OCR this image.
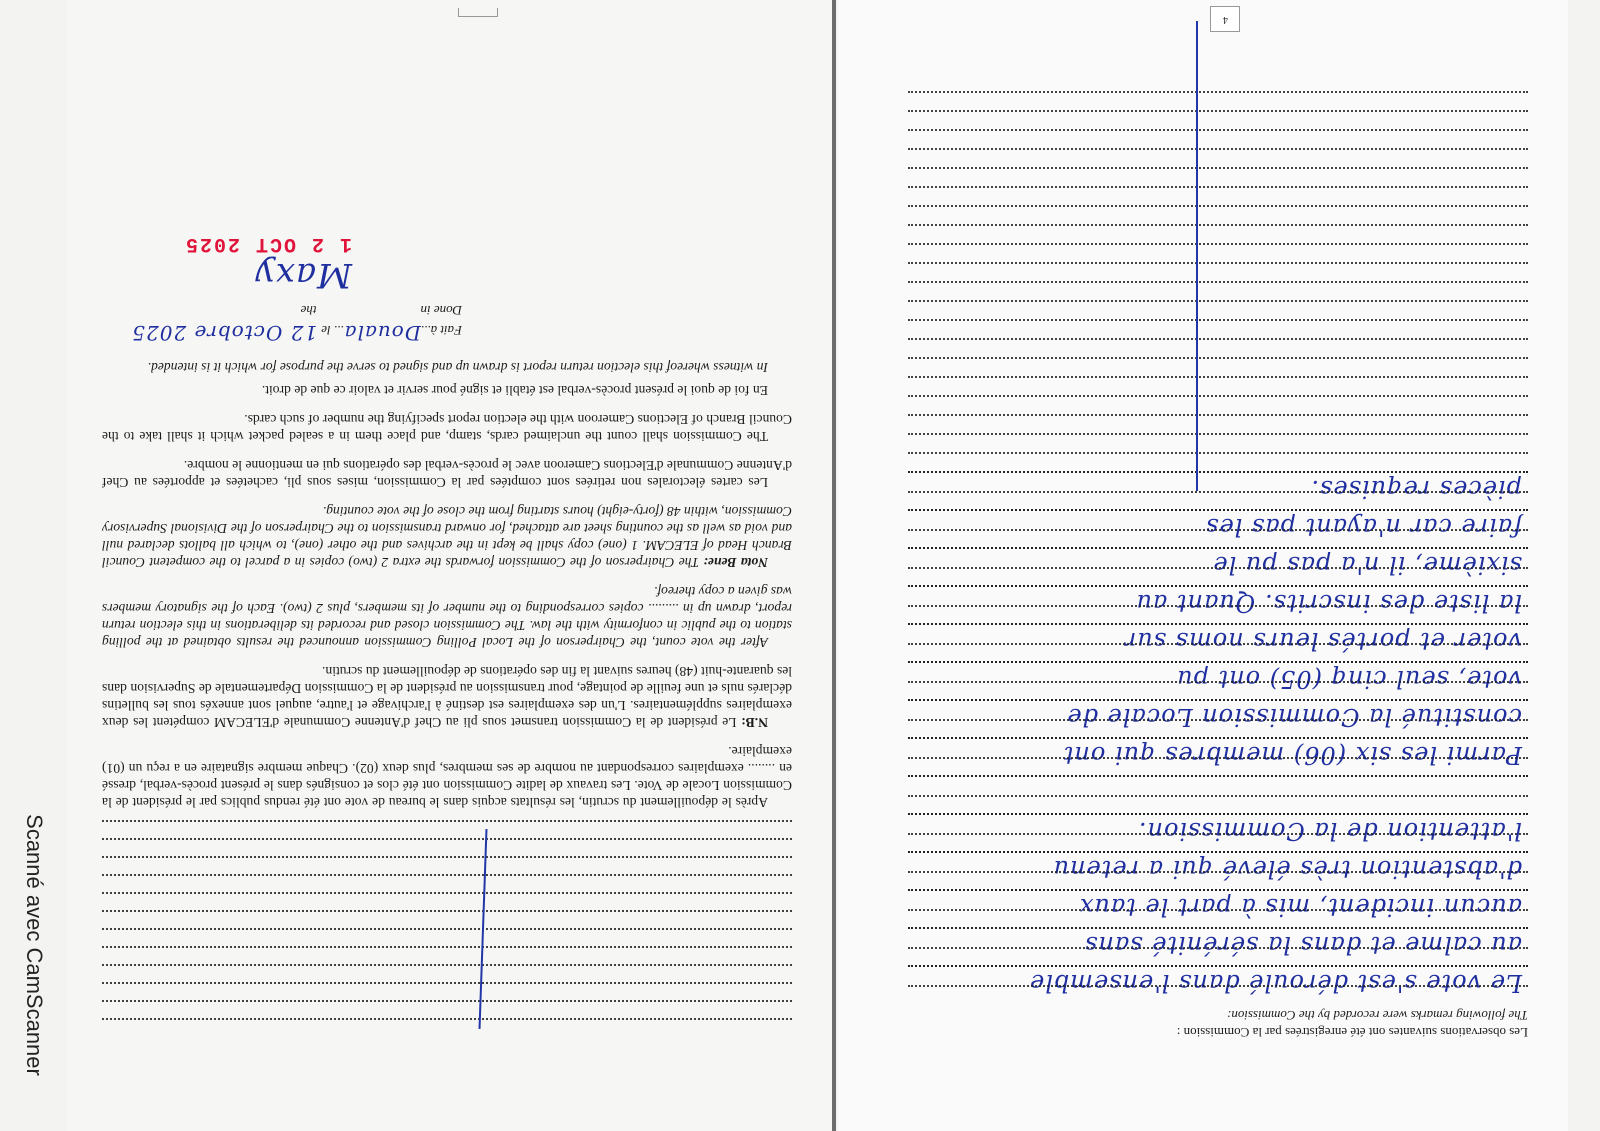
Après le dépouillement du scrutin, les résultats acquis dans le bureau de vote ont été rendus publics par le président de la Commission Locale de Vote. Les travaux de ladite Commission ont été clos et consignés dans le présent procès-verbal, dressé en ........ exemplaires correspondant au nombre de ses membres, plus deux (02). Chaque membre signataire en a reçu un (01) exemplaire.

N.B: Le président de la Commission transmet sous pli au Chef d'Antenne Communale d'ELECAM compétent les deux exemplaires supplémentaires. L'un des exemplaires est destiné à l'archivage et l'autre, auquel sont annexés tous les bulletins déclarés nuls et une feuille de pointage, pour transmission au président de la Commission Départementale de Supervision dans les quarante-huit (48) heures suivant la fin des opérations de dépouillement du scrutin.

After the vote count, the Chairperson of the Local Polling Commission announced the results obtained at the polling station to the public in conformity with the law. The Commission closed and recorded its deliberations in this election return report, drawn up in ......... copies corresponding to the number of its members, plus 2 (two). Each of the signatory members was given a copy thereof.

Nota Bene: The Chairperson of the Commission forwards the extra 2 (two) copies in a parcel to the competent Council Branch Head of ELECAM. 1 (one) copy shall be kept in the archives and the other (one), to which all ballots declared null and void as well as the counting sheet are attached, for onward transmission to the Chairperson of the Divisional Supervisory Commission, within 48 (forty-eight) hours starting from the close of the vote counting.

Les cartes électorales non retirées sont comptées par la Commission, mises sous pli, cachetées et apportées au Chef d'Antenne Communale d'Elections Cameroon avec le procès-verbal des opérations qui en mentionne le nombre.

The Commission shall count the unclaimed cards, stamp, and place them in a sealed packet which it shall take to the Council Branch of Elections Cameroon with the election report specifying the number of such cards.

En foi de quoi le présent procès-verbal est établi et signé pour servir et valoir ce que de droit.

In witness whereof this election return report is drawn up and signed to serve the purpose for which it is intended.

Fait à...Douala... le 12 Octobre 2025
Done in the
Maxy
1 2 OCT 2025
Les observations suivantes ont été enregistrées par la Commission :
The following remarks were recorded by the Commission:
Le vote s'est déroulé dans l'ensemble
au calme et dans la sérénité sans
aucun incident, mis à part le taux
d'abstention très élevé qui a retenu
l'attention de la Commission.
Parmi les six (06) membres qui ont
constitué la Commission Locale de
vote, seul cinq (05) ont pu
voter et portés leurs noms sur
la liste des inscrits. Quant au
sixième, il n'a pas pu le
faire car n'ayant pas les
pièces requises.
4
Scanné avec CamScanner
